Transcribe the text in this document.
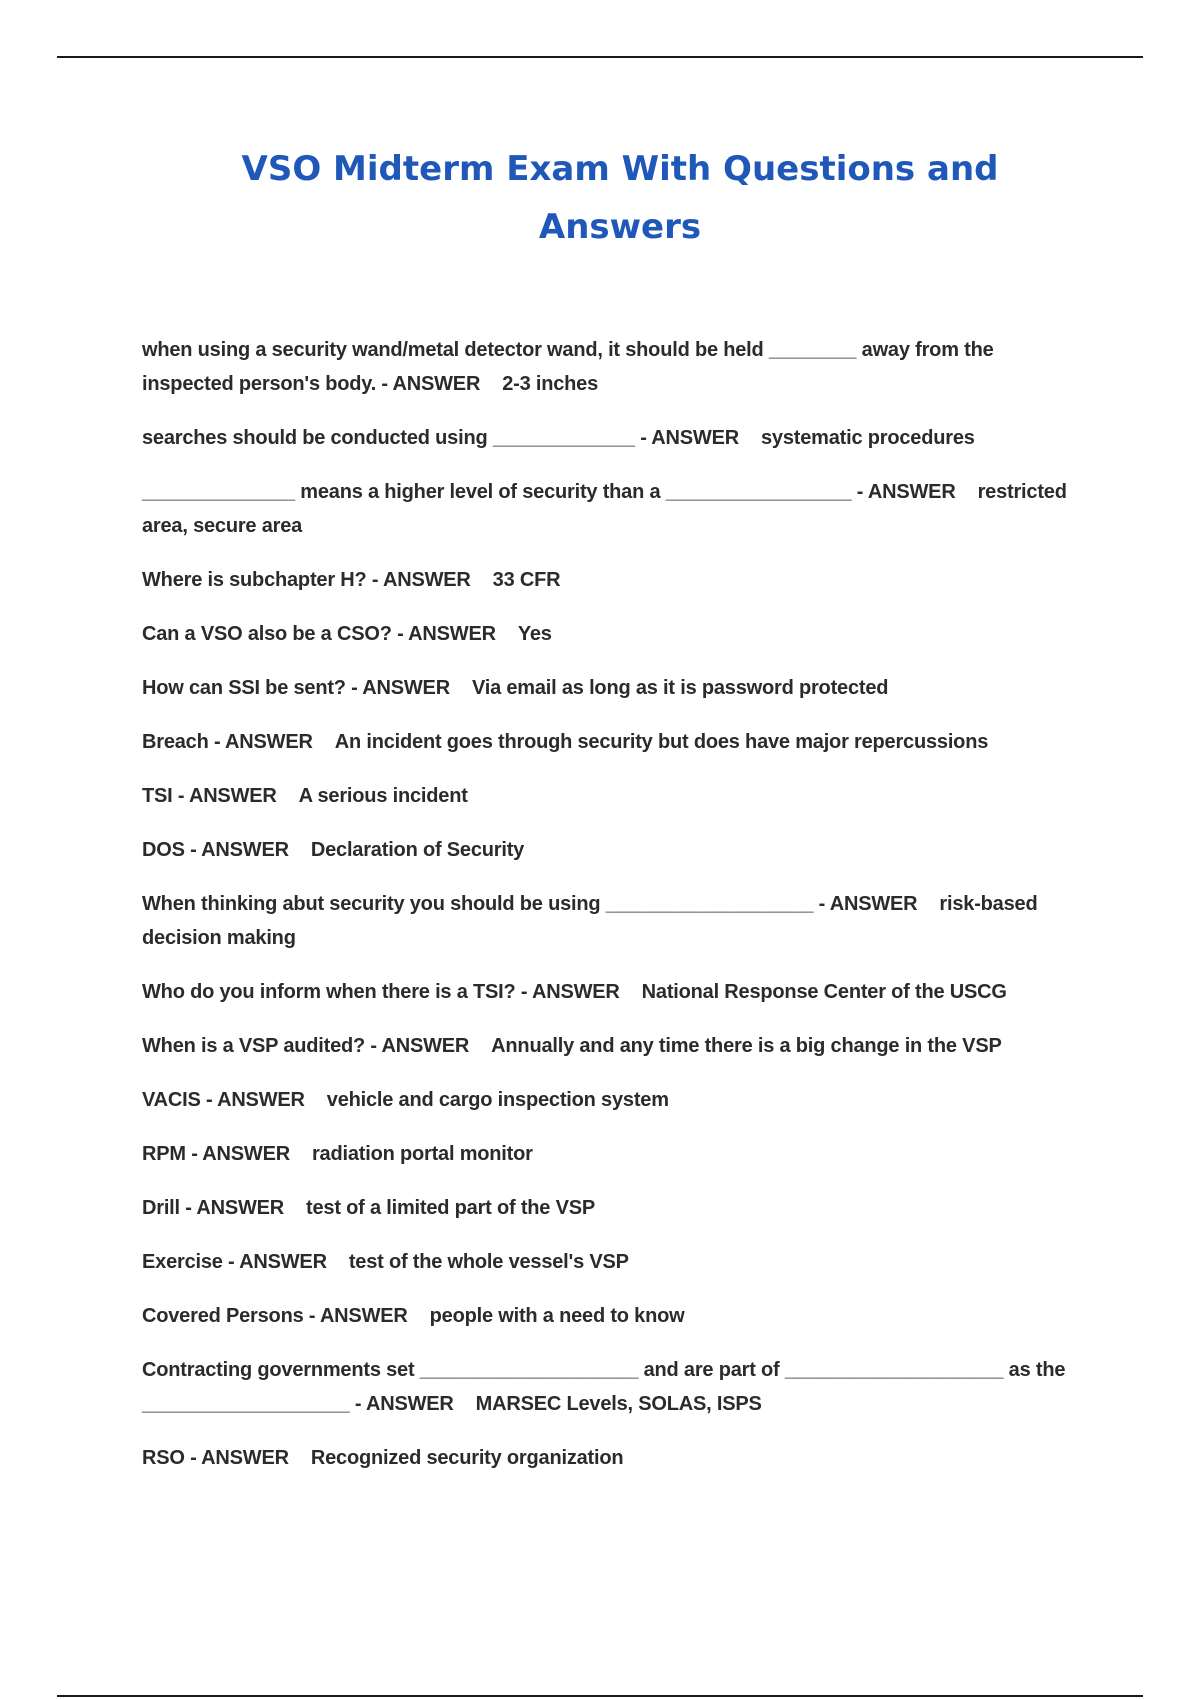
VSO Midterm Exam With Questions and Answers
when using a security wand/metal detector wand, it should be held ________ away from the inspected person's body. - ANSWER 2-3 inches
searches should be conducted using _____________ - ANSWER systematic procedures
______________ means a higher level of security than a _________________ - ANSWER restricted area, secure area
Where is subchapter H? - ANSWER 33 CFR
Can a VSO also be a CSO? - ANSWER Yes
How can SSI be sent? - ANSWER Via email as long as it is password protected
Breach - ANSWER An incident goes through security but does have major repercussions
TSI - ANSWER A serious incident
DOS - ANSWER Declaration of Security
When thinking abut security you should be using ___________________ - ANSWER risk-based decision making
Who do you inform when there is a TSI? - ANSWER National Response Center of the USCG
When is a VSP audited? - ANSWER Annually and any time there is a big change in the VSP
VACIS - ANSWER vehicle and cargo inspection system
RPM - ANSWER radiation portal monitor
Drill - ANSWER test of a limited part of the VSP
Exercise - ANSWER test of the whole vessel's VSP
Covered Persons - ANSWER people with a need to know
Contracting governments set ____________________ and are part of ____________________ as the ___________________ - ANSWER MARSEC Levels, SOLAS, ISPS
RSO - ANSWER Recognized security organization
